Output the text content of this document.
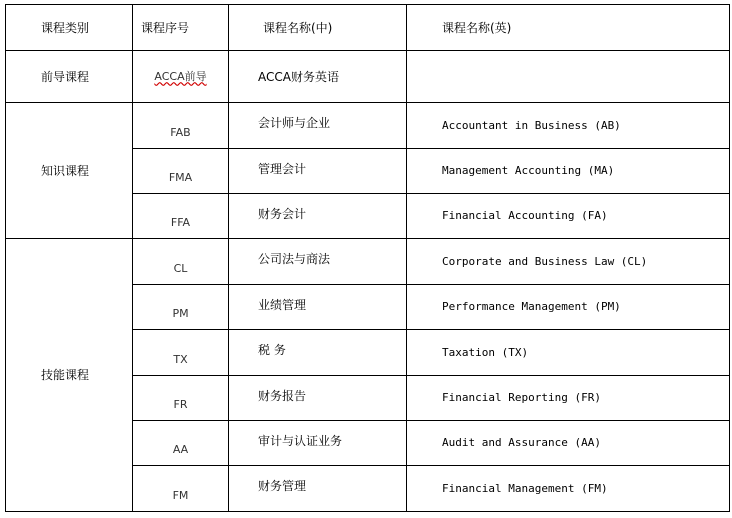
课程类别	课程序号	课程名称(中)	课程名称(英)
前导课程	ACCA前导	ACCA财务英语	
知识课程	FAB	会计师与企业	Accountant in Business (AB)
	FMA	管理会计	Management Accounting (MA)
	FFA	财务会计	Financial Accounting (FA)
技能课程	CL	公司法与商法	Corporate and Business Law (CL)
	PM	业绩管理	Performance Management (PM)
	TX	税 务	Taxation (TX)
	FR	财务报告	Financial Reporting (FR)
	AA	审计与认证业务	Audit and Assurance (AA)
	FM	财务管理	Financial Management (FM)
